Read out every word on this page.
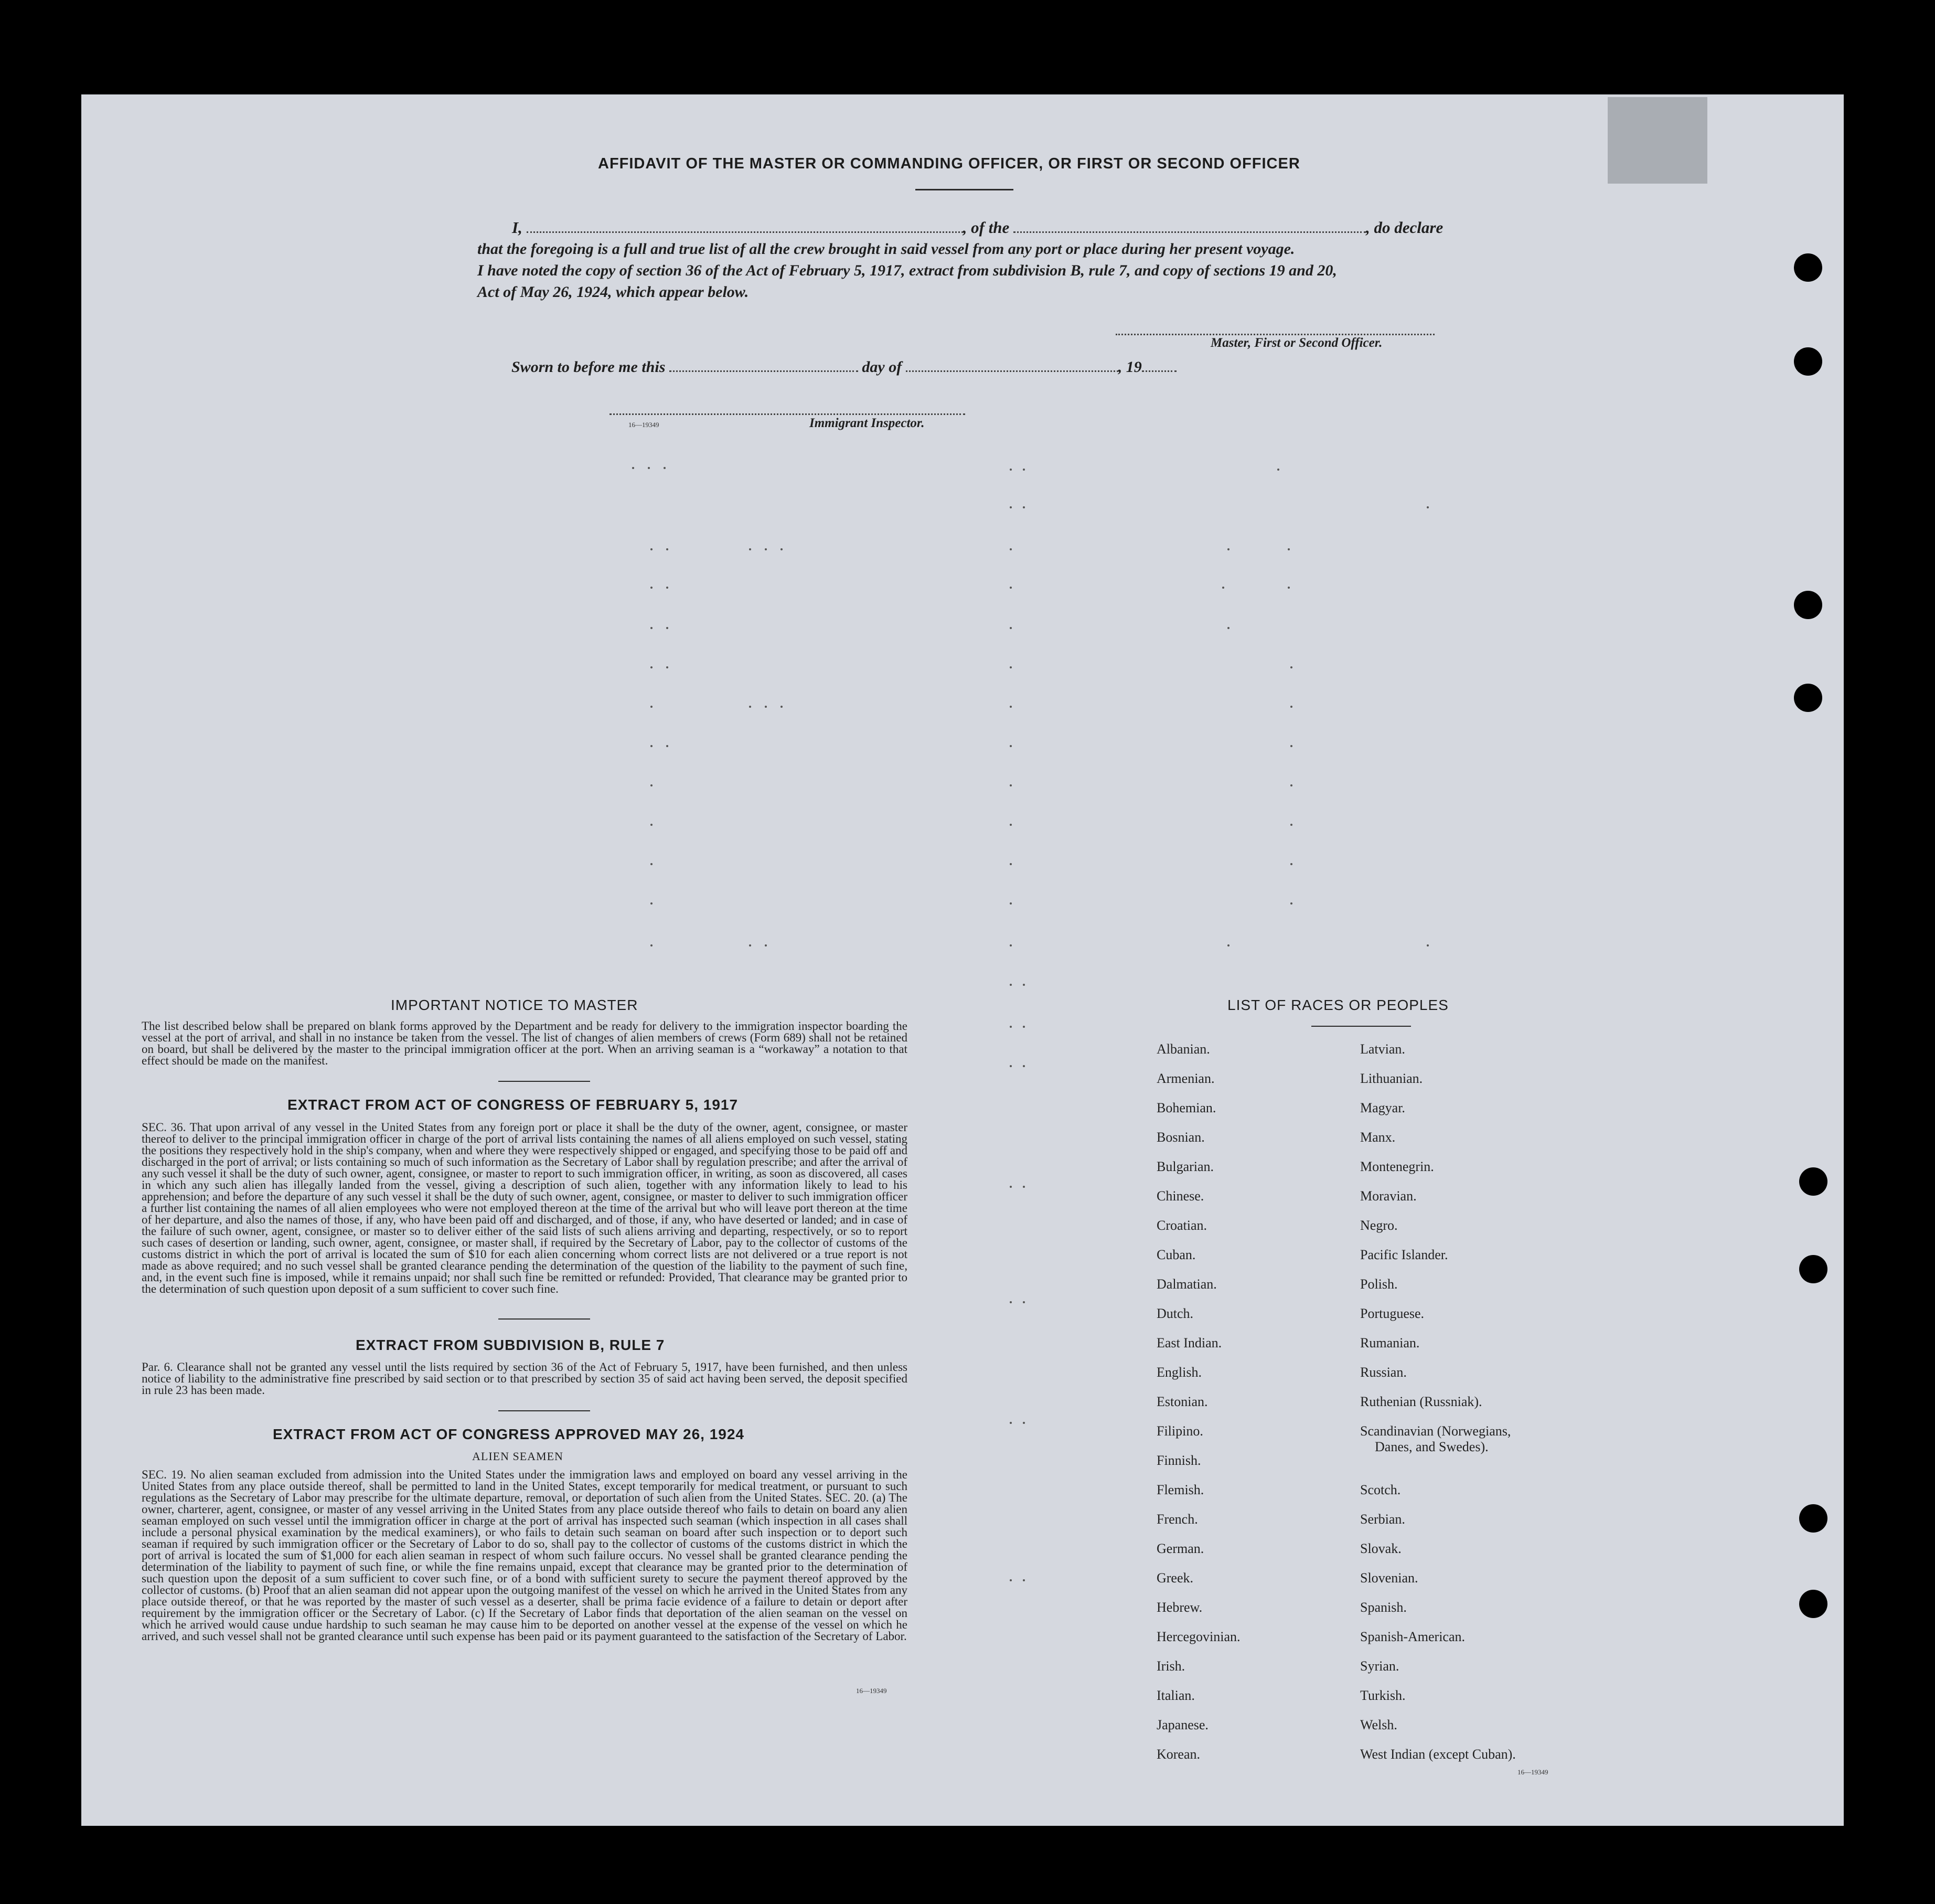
AFFIDAVIT OF THE MASTER OR COMMANDING OFFICER, OR FIRST OR SECOND OFFICER
I,	, of the	, do declare
that the foregoing is a full and true list of all the crew brought in said vessel from any port or place during her present voyage.
I have noted the copy of section 36 of the Act of February 5, 1917, extract from subdivision B, rule 7, and copy of sections 19 and 20,
Act of May 26, 1924, which appear below.
Master, First or Second Officer.
Sworn to before me this	day of	, 19
16—19349	Immigrant Inspector.
IMPORTANT NOTICE TO MASTER
The list described below shall be prepared on blank forms approved by the Department and be ready for delivery to the immigration inspector boarding the vessel at the port of arrival, and shall in no instance be taken from the vessel. The list of changes of alien members of crews (Form 689) shall not be retained on board, but shall be delivered by the master to the principal immigration officer at the port. When an arriving seaman is a “workaway” a notation to that effect should be made on the manifest.
EXTRACT FROM ACT OF CONGRESS OF FEBRUARY 5, 1917
SEC. 36. That upon arrival of any vessel in the United States from any foreign port or place it shall be the duty of the owner, agent, consignee, or master thereof to deliver to the principal immigration officer in charge of the port of arrival lists containing the names of all aliens employed on such vessel, stating the positions they respectively hold in the ship's company, when and where they were respectively shipped or engaged, and specifying those to be paid off and discharged in the port of arrival; or lists containing so much of such information as the Secretary of Labor shall by regulation prescribe; and after the arrival of any such vessel it shall be the duty of such owner, agent, consignee, or master to report to such immigration officer, in writing, as soon as discovered, all cases in which any such alien has illegally landed from the vessel, giving a description of such alien, together with any information likely to lead to his apprehension; and before the departure of any such vessel it shall be the duty of such owner, agent, consignee, or master to deliver to such immigration officer a further list containing the names of all alien employees who were not employed thereon at the time of the arrival but who will leave port thereon at the time of her departure, and also the names of those, if any, who have been paid off and discharged, and of those, if any, who have deserted or landed; and in case of the failure of such owner, agent, consignee, or master so to deliver either of the said lists of such aliens arriving and departing, respectively, or so to report such cases of desertion or landing, such owner, agent, consignee, or master shall, if required by the Secretary of Labor, pay to the collector of customs of the customs district in which the port of arrival is located the sum of $10 for each alien concerning whom correct lists are not delivered or a true report is not made as above required; and no such vessel shall be granted clearance pending the determination of the question of the liability to the payment of such fine, and, in the event such fine is imposed, while it remains unpaid; nor shall such fine be remitted or refunded: Provided, That clearance may be granted prior to the determination of such question upon deposit of a sum sufficient to cover such fine.
EXTRACT FROM SUBDIVISION B, RULE 7
Par. 6. Clearance shall not be granted any vessel until the lists required by section 36 of the Act of February 5, 1917, have been furnished, and then unless notice of liability to the administrative fine prescribed by said section or to that prescribed by section 35 of said act having been served, the deposit specified in rule 23 has been made.
EXTRACT FROM ACT OF CONGRESS APPROVED MAY 26, 1924
ALIEN SEAMEN
SEC. 19. No alien seaman excluded from admission into the United States under the immigration laws and employed on board any vessel arriving in the United States from any place outside thereof, shall be permitted to land in the United States, except temporarily for medical treatment, or pursuant to such regulations as the Secretary of Labor may prescribe for the ultimate departure, removal, or deportation of such alien from the United States. SEC. 20. (a) The owner, charterer, agent, consignee, or master of any vessel arriving in the United States from any place outside thereof who fails to detain on board any alien seaman employed on such vessel until the immigration officer in charge at the port of arrival has inspected such seaman (which inspection in all cases shall include a personal physical examination by the medical examiners), or who fails to detain such seaman on board after such inspection or to deport such seaman if required by such immigration officer or the Secretary of Labor to do so, shall pay to the collector of customs of the customs district in which the port of arrival is located the sum of $1,000 for each alien seaman in respect of whom such failure occurs. No vessel shall be granted clearance pending the determination of the liability to payment of such fine, or while the fine remains unpaid, except that clearance may be granted prior to the determination of such question upon the deposit of a sum sufficient to cover such fine, or of a bond with sufficient surety to secure the payment thereof approved by the collector of customs. (b) Proof that an alien seaman did not appear upon the outgoing manifest of the vessel on which he arrived in the United States from any place outside thereof, or that he was reported by the master of such vessel as a deserter, shall be prima facie evidence of a failure to detain or deport after requirement by the immigration officer or the Secretary of Labor. (c) If the Secretary of Labor finds that deportation of the alien seaman on the vessel on which he arrived would cause undue hardship to such seaman he may cause him to be deported on another vessel at the expense of the vessel on which he arrived, and such vessel shall not be granted clearance until such expense has been paid or its payment guaranteed to the satisfaction of the Secretary of Labor.
16—19349
LIST OF RACES OR PEOPLES
Albanian.
Armenian.
Bohemian.
Bosnian.
Bulgarian.
Chinese.
Croatian.
Cuban.
Dalmatian.
Dutch.
East Indian.
English.
Estonian.
Filipino.
Finnish.
Flemish.
French.
German.
Greek.
Hebrew.
Hercegovinian.
Irish.
Italian.
Japanese.
Korean.
Latvian.
Lithuanian.
Magyar.
Manx.
Montenegrin.
Moravian.
Negro.
Pacific Islander.
Polish.
Portuguese.
Rumanian.
Russian.
Ruthenian (Russniak).
Scandinavian (Norwegians,
Danes, and Swedes).
Scotch.
Serbian.
Slovak.
Slovenian.
Spanish.
Spanish-American.
Syrian.
Turkish.
Welsh.
West Indian (except Cuban).
16—19349
